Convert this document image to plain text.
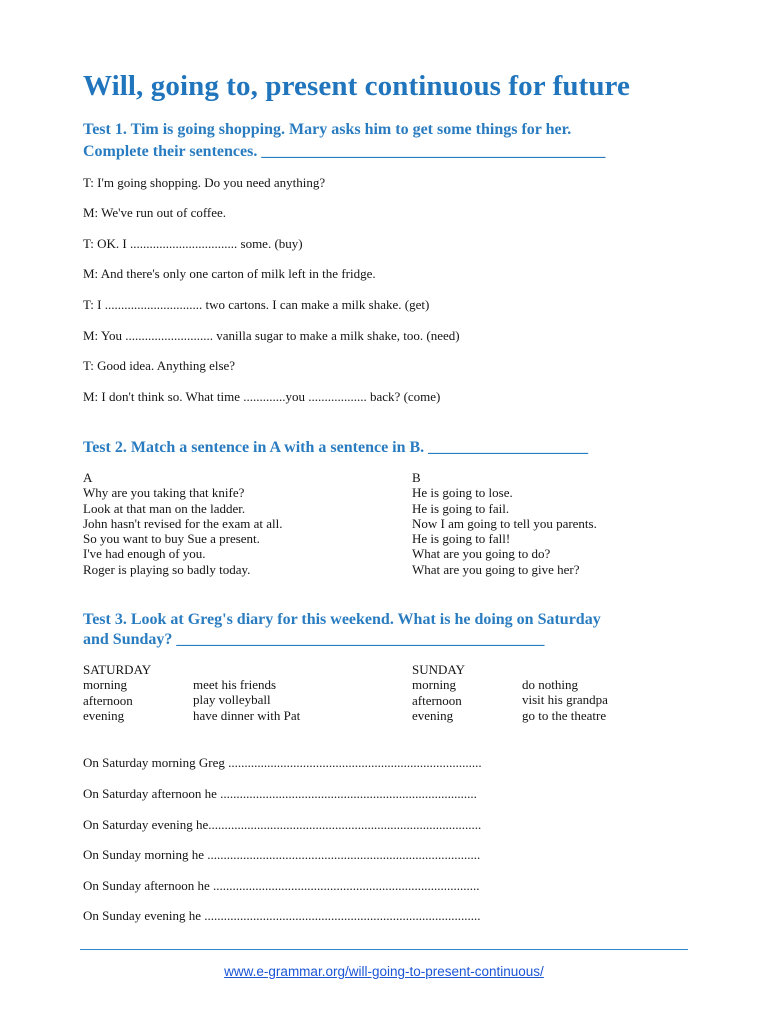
Will, going to, present continuous for future
Test 1. Tim is going shopping. Mary asks him to get some things for her.
Complete their sentences. ___________________________________________
T: I'm going shopping. Do you need anything?
M: We've run out of coffee.
T: OK. I ................................. some. (buy)
M: And there's only one carton of milk left in the fridge.
T: I .............................. two cartons. I can make a milk shake. (get)
M: You ........................... vanilla sugar to make a milk shake, too. (need)
T: Good idea. Anything else?
M: I don't think so. What time .............you .................. back? (come)
Test 2. Match a sentence in A with a sentence in B. ____________________
A
Why are you taking that knife?
Look at that man on the ladder.
John hasn't revised for the exam at all.
So you want to buy Sue a present.
I've had enough of you.
Roger is playing so badly today.
B
He is going to lose.
He is going to fail.
Now I am going to tell you parents.
He is going to fall!
What are you going to do?
What are you going to give her?
Test 3. Look at Greg's diary for this weekend. What is he doing on Saturday
and Sunday? ______________________________________________
SATURDAY
morning
afternoon
evening
meet his friends
play volleyball
have dinner with Pat
SUNDAY
morning
afternoon
evening
do nothing
visit his grandpa
go to the theatre
On Saturday morning Greg ..............................................................................
On Saturday afternoon he ...............................................................................
On Saturday evening he....................................................................................
On Sunday morning he ....................................................................................
On Sunday afternoon he ..................................................................................
On Sunday evening he .....................................................................................
www.e-grammar.org/will-going-to-present-continuous/
